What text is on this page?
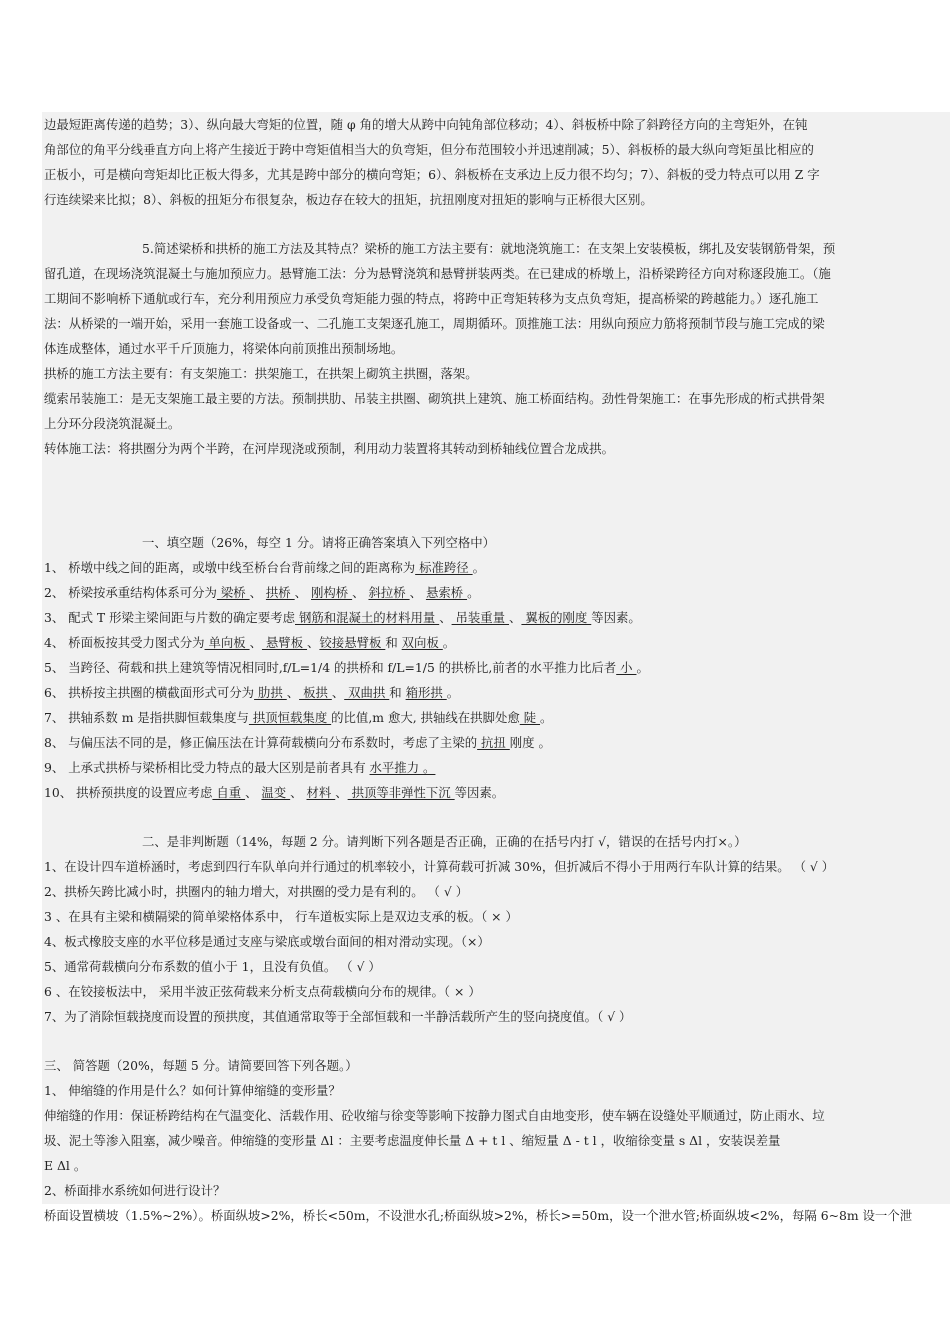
边最短距离传递的趋势；3）、纵向最大弯矩的位置，随 φ 角的增大从跨中向钝角部位移动；4）、斜板桥中除了斜跨径方向的主弯矩外，在钝
角部位的角平分线垂直方向上将产生接近于跨中弯矩值相当大的负弯矩，但分布范围较小并迅速削减；5）、斜板桥的最大纵向弯矩虽比相应的
正板小，可是横向弯矩却比正板大得多，尤其是跨中部分的横向弯矩；6）、斜板桥在支承边上反力很不均匀；7）、斜板的受力特点可以用 Z 字
行连续梁来比拟；8）、斜板的扭矩分布很复杂，板边存在较大的扭矩，抗扭刚度对扭矩的影响与正桥很大区别。
5.简述梁桥和拱桥的施工方法及其特点？梁桥的施工方法主要有：就地浇筑施工：在支架上安装模板，绑扎及安装钢筋骨架，预
留孔道，在现场浇筑混凝土与施加预应力。悬臂施工法：分为悬臂浇筑和悬臂拼装两类。在已建成的桥墩上，沿桥梁跨径方向对称逐段施工。（施
工期间不影响桥下通航或行车，充分利用预应力承受负弯矩能力强的特点，将跨中正弯矩转移为支点负弯矩，提高桥梁的跨越能力。）逐孔施工
法：从桥梁的一端开始，采用一套施工设备或一、二孔施工支架逐孔施工，周期循环。顶推施工法：用纵向预应力筋将预制节段与施工完成的梁
体连成整体，通过水平千斤顶施力，将梁体向前顶推出预制场地。
拱桥的施工方法主要有：有支架施工：拱架施工，在拱架上砌筑主拱圈，落架。
缆索吊装施工：是无支架施工最主要的方法。预制拱肋、吊装主拱圈、砌筑拱上建筑、施工桥面结构。劲性骨架施工：在事先形成的桁式拱骨架
上分环分段浇筑混凝土。
转体施工法：将拱圈分为两个半跨，在河岸现浇或预制，利用动力装置将其转动到桥轴线位置合龙成拱。
一、填空题（26%，每空 1 分。请将正确答案填入下列空格中）
1、 桥墩中线之间的距离，或墩中线至桥台台背前缘之间的距离称为 标准跨径 。
2、 桥梁按承重结构体系可分为 梁桥 、 拱桥 、 刚构桥 、 斜拉桥 、 悬索桥 。
3、 配式 T 形梁主梁间距与片数的确定要考虑 钢筋和混凝土的材料用量 、 吊装重量 、 翼板的刚度 等因素。
4、 桥面板按其受力图式分为 单向板 、 悬臂板 、铰接悬臂板 和 双向板 。
5、 当跨径、荷载和拱上建筑等情况相同时,f/L=1/4 的拱桥和 f/L=1/5 的拱桥比,前者的水平推力比后者 小 。
6、 拱桥按主拱圈的横截面形式可分为 肋拱 、 板拱 、 双曲拱 和 箱形拱 。
7、 拱轴系数 m 是指拱脚恒载集度与 拱顶恒载集度 的比值,m 愈大, 拱轴线在拱脚处愈 陡 。
8、 与偏压法不同的是，修正偏压法在计算荷载横向分布系数时，考虑了主梁的 抗扭 刚度 。
9、 上承式拱桥与梁桥相比受力特点的最大区别是前者具有 水平推力 。
10、 拱桥预拱度的设置应考虑 自重 、 温变 、 材料 、 拱顶等非弹性下沉 等因素。
二、是非判断题（14%，每题 2 分。请判断下列各题是否正确，正确的在括号内打 √，错误的在括号内打×。）
1、在设计四车道桥涵时，考虑到四行车队单向并行通过的机率较小，计算荷载可折减 30%，但折减后不得小于用两行车队计算的结果。 （ √ ）
2、拱桥矢跨比减小时，拱圈内的轴力增大，对拱圈的受力是有利的。 （ √ ）
3 、在具有主梁和横隔梁的简单梁格体系中， 行车道板实际上是双边支承的板。（ × ）
4、板式橡胶支座的水平位移是通过支座与梁底或墩台面间的相对滑动实现。（×）
5、通常荷载横向分布系数的值小于 1，且没有负值。 （ √ ）
6 、在铰接板法中， 采用半波正弦荷载来分析支点荷载横向分布的规律。（ × ）
7、为了消除恒载挠度而设置的预拱度，其值通常取等于全部恒载和一半静活载所产生的竖向挠度值。（ √ ）
三、 简答题（20%，每题 5 分。请简要回答下列各题。）
1、 伸缩缝的作用是什么？如何计算伸缩缝的变形量？
伸缩缝的作用：保证桥跨结构在气温变化、活载作用、砼收缩与徐变等影响下按静力图式自由地变形，使车辆在设缝处平顺通过，防止雨水、垃
圾、泥土等渗入阻塞，减少噪音。伸缩缝的变形量 Δl ：主要考虑温度伸长量 Δ + t l 、缩短量 Δ - t l ，收缩徐变量 s Δl ，安装误差量
E Δl 。
2、桥面排水系统如何进行设计？
桥面设置横坡（1.5%~2%）。桥面纵坡>2%，桥长<50m，不设泄水孔;桥面纵坡>2%，桥长>=50m，设一个泄水管;桥面纵坡<2%，每隔 6~8m 设一个泄
